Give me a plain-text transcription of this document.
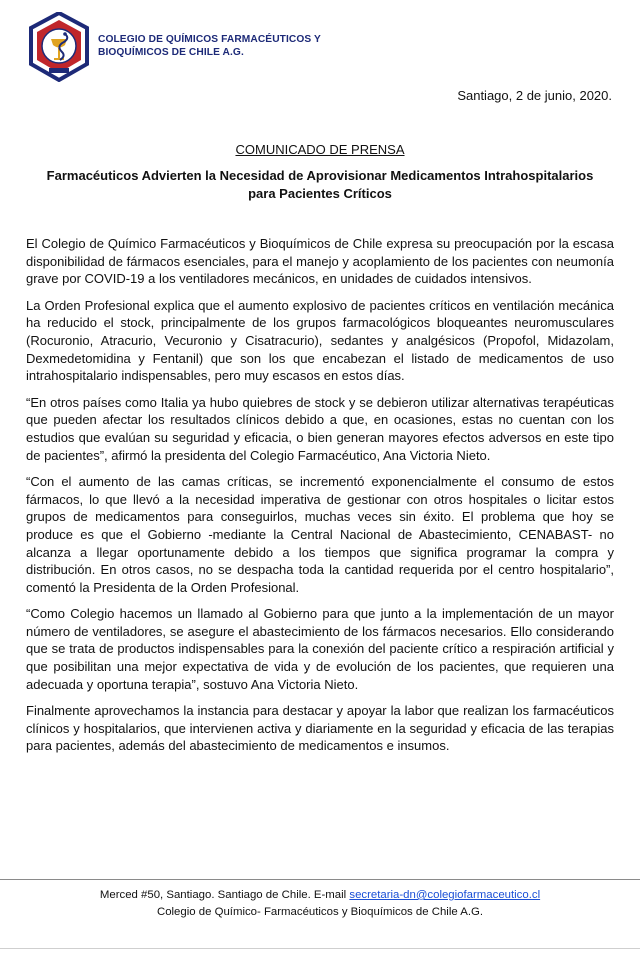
COLEGIO DE QUÍMICOS FARMACÉUTICOS Y
BIOQUÍMICOS DE CHILE A.G.
Santiago, 2 de junio, 2020.
COMUNICADO DE PRENSA
Farmacéuticos Advierten la Necesidad de Aprovisionar Medicamentos Intrahospitalarios para Pacientes Críticos

El Colegio de Químico Farmacéuticos y Bioquímicos de Chile expresa su preocupación por la escasa disponibilidad de fármacos esenciales, para el manejo y acoplamiento de los pacientes con neumonía grave por COVID-19 a los ventiladores mecánicos, en unidades de cuidados intensivos.

La Orden Profesional explica que el aumento explosivo de pacientes críticos en ventilación mecánica ha reducido el stock, principalmente de los grupos farmacológicos bloqueantes neuromusculares (Rocuronio, Atracurio, Vecuronio y Cisatracurio), sedantes y analgésicos (Propofol, Midazolam, Dexmedetomidina y Fentanil) que son los que encabezan el listado de medicamentos de uso intrahospitalario indispensables, pero muy escasos en estos días.

“En otros países como Italia ya hubo quiebres de stock y se debieron utilizar alternativas terapéuticas que pueden afectar los resultados clínicos debido a que, en ocasiones, estas no cuentan con los estudios que evalúan su seguridad y eficacia, o bien generan mayores efectos adversos en este tipo de pacientes”, afirmó la presidenta del Colegio Farmacéutico, Ana Victoria Nieto.

“Con el aumento de las camas críticas, se incrementó exponencialmente el consumo de estos fármacos, lo que llevó a la necesidad imperativa de gestionar con otros hospitales o licitar estos grupos de medicamentos para conseguirlos, muchas veces sin éxito. El problema que hoy se produce es que el Gobierno -mediante la Central Nacional de Abastecimiento, CENABAST- no alcanza a llegar oportunamente debido a los tiempos que significa programar la compra y distribución. En otros casos, no se despacha toda la cantidad requerida por el centro hospitalario”, comentó la Presidenta de la Orden Profesional.

“Como Colegio hacemos un llamado al Gobierno para que junto a la implementación de un mayor número de ventiladores, se asegure el abastecimiento de los fármacos necesarios. Ello considerando que se trata de productos indispensables para la conexión del paciente crítico a respiración artificial y que posibilitan una mejor expectativa de vida y de evolución de los pacientes, que requieren una adecuada y oportuna terapia”, sostuvo Ana Victoria Nieto.

Finalmente aprovechamos la instancia para destacar y apoyar la labor que realizan los farmacéuticos clínicos y hospitalarios, que intervienen activa y diariamente en la seguridad y eficacia de las terapias para pacientes, además del abastecimiento de medicamentos e insumos.

Merced #50, Santiago. Santiago de Chile. E-mail secretaria-dn@colegiofarmaceutico.cl
Colegio de Químico- Farmacéuticos y Bioquímicos de Chile A.G.
